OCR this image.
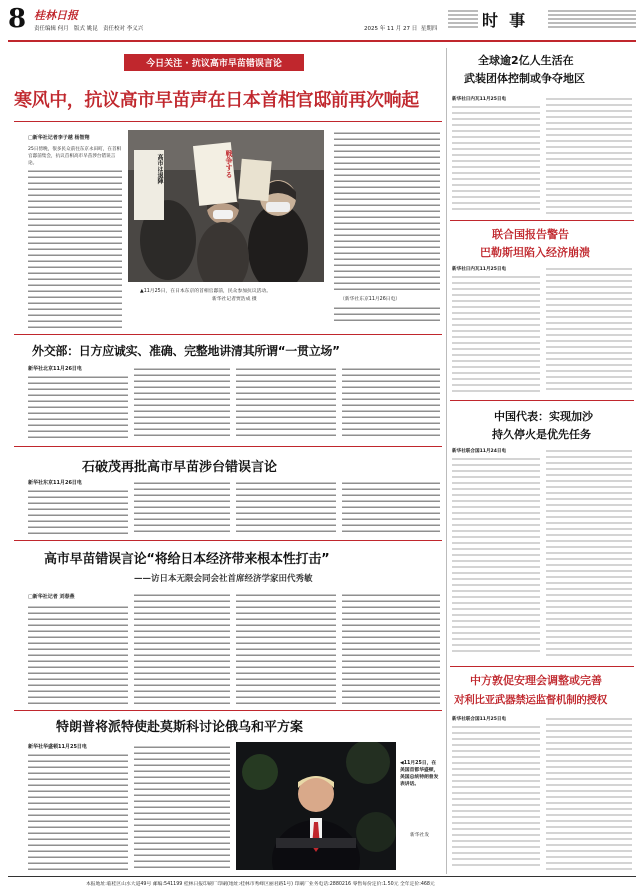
8 桂林日报
责任编辑 何月 版式 姚昆 责任校对 李义兴	2025 年 11 月 27 日 星期四	时  事
今日关注 · 抗议高市早苗错误言论
寒风中，抗议高市早苗声在日本首相官邸前再次响起
□新华社记者李子越 杨智翔
25日傍晚，很多民众前往东京永田町，在首相官邸前集会，抗议首相高市早苗涉台错误言论。	戦争する
高市は退陣
▲11月25日，在日本东京的首相官邸前，民众参加抗议活动。
新华社记者贾浩成 摄	（新华社东京11月26日电）
外交部：日方应诚实、准确、完整地讲清其所谓“一贯立场”
新华社北京11月26日电
石破茂再批高市早苗涉台错误言论
新华社东京11月26日电
高市早苗错误言论“将给日本经济带来根本性打击”
——访日本无限会同会社首席经济学家田代秀敏
□新华社记者 刘春燕
特朗普将派特使赴莫斯科讨论俄乌和平方案
新华社华盛顿11月25日电
◀11月25日，在美国首都华盛顿，美国总统特朗普发表讲话。
新华社发
全球逾2亿人生活在
武装团体控制或争夺地区
新华社日内瓦11月25日电
联合国报告警告
巴勒斯坦陷入经济崩溃
新华社日内瓦11月25日电
中国代表：实现加沙
持久停火是优先任务
新华社联合国11月24日电
中方敦促安理会调整或完善
对利比亚武器禁运监督机制的授权
新华社联合国11月25日电
本报地址:临桂区山水大道49号 邮编:541199 桂林日报印刷厂印刷(地址:桂林市秀峰区丽君路1号) 印刷厂业务电话:2880216 零售每份定价:1.50元 全年定价:468元
